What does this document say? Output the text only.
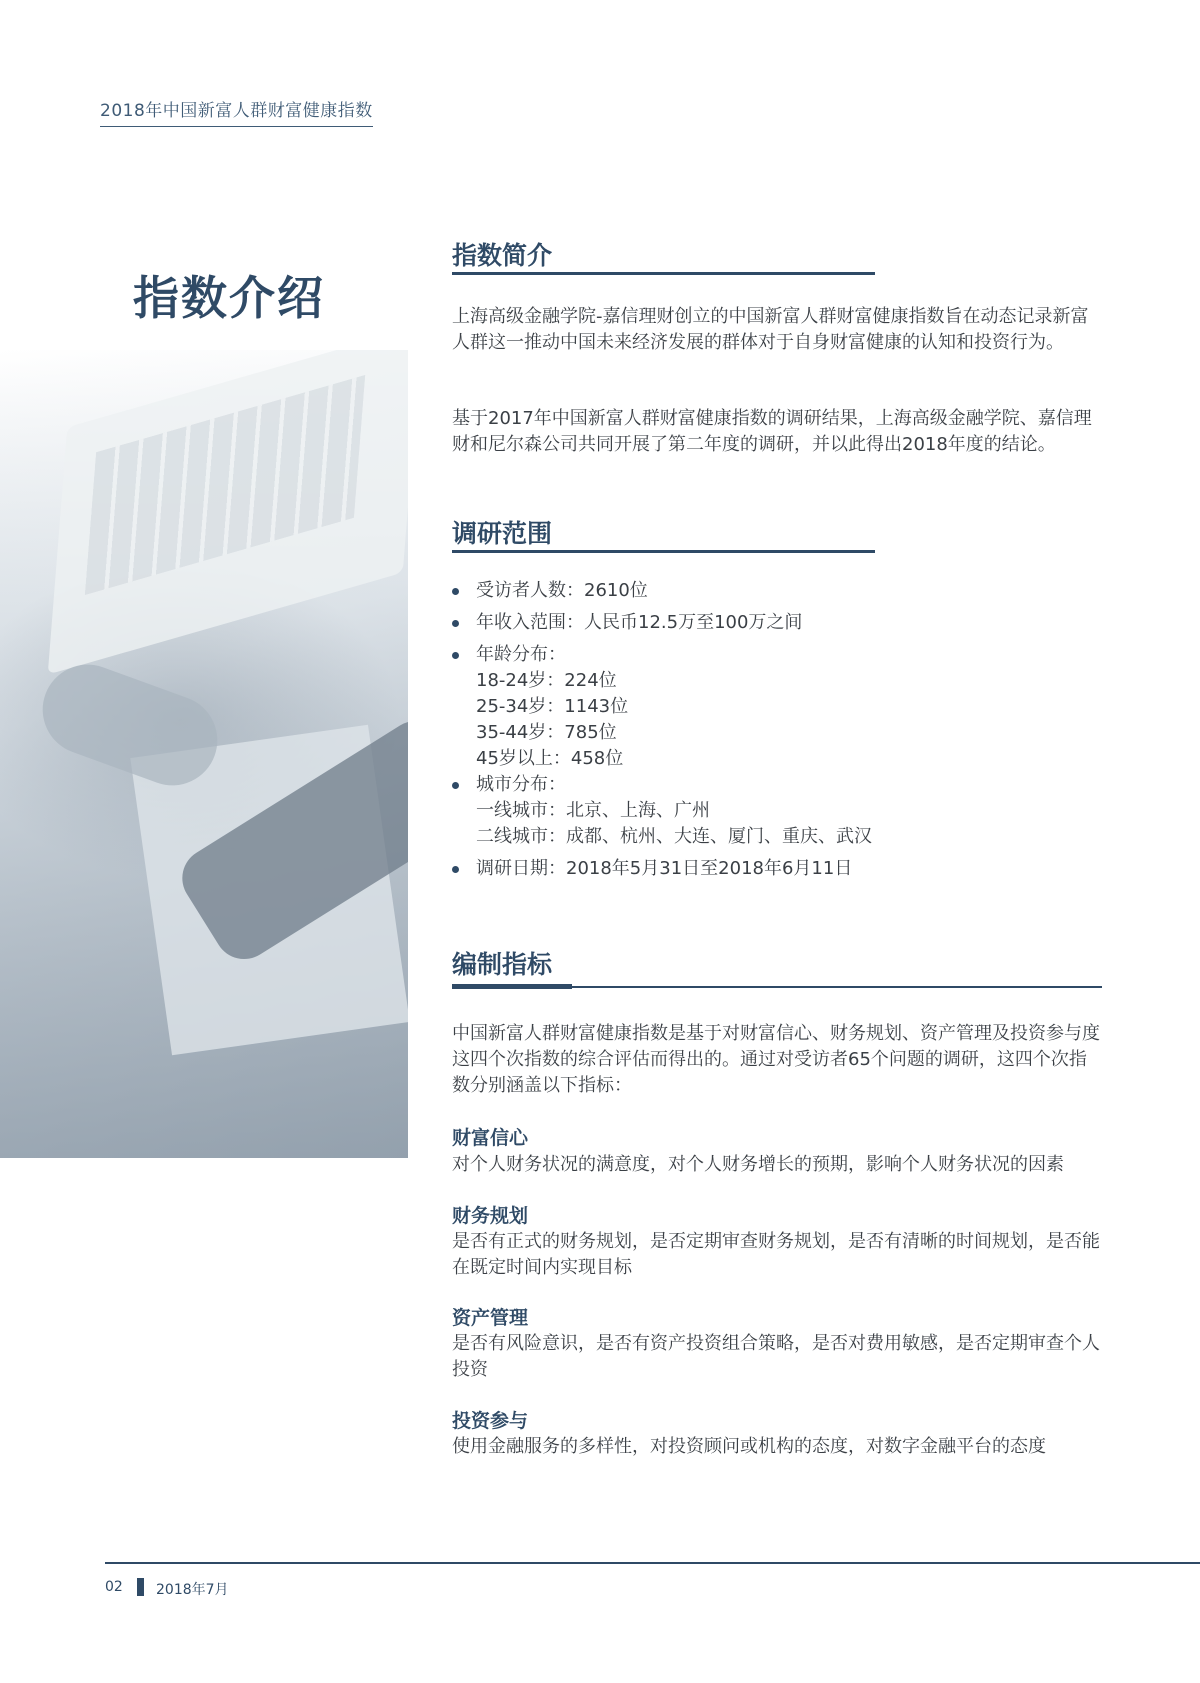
2018年中国新富人群财富健康指数
指数介绍
指数简介
上海高级金融学院-嘉信理财创立的中国新富人群财富健康指数旨在动态记录新富人群这一推动中国未来经济发展的群体对于自身财富健康的认知和投资行为。
基于2017年中国新富人群财富健康指数的调研结果，上海高级金融学院、嘉信理财和尼尔森公司共同开展了第二年度的调研，并以此得出2018年度的结论。
调研范围
受访者人数：2610位
年收入范围：人民币12.5万至100万之间
年龄分布：
18-24岁：224位
25-34岁：1143位
35-44岁：785位
45岁以上：458位
城市分布：
一线城市：北京、上海、广州
二线城市：成都、杭州、大连、厦门、重庆、武汉
调研日期：2018年5月31日至2018年6月11日
编制指标
中国新富人群财富健康指数是基于对财富信心、财务规划、资产管理及投资参与度这四个次指数的综合评估而得出的。通过对受访者65个问题的调研，这四个次指数分别涵盖以下指标：
财富信心
对个人财务状况的满意度，对个人财务增长的预期，影响个人财务状况的因素
财务规划
是否有正式的财务规划，是否定期审查财务规划，是否有清晰的时间规划，是否能在既定时间内实现目标
资产管理
是否有风险意识，是否有资产投资组合策略，是否对费用敏感，是否定期审查个人投资
投资参与
使用金融服务的多样性，对投资顾问或机构的态度，对数字金融平台的态度
02 2018年7月
